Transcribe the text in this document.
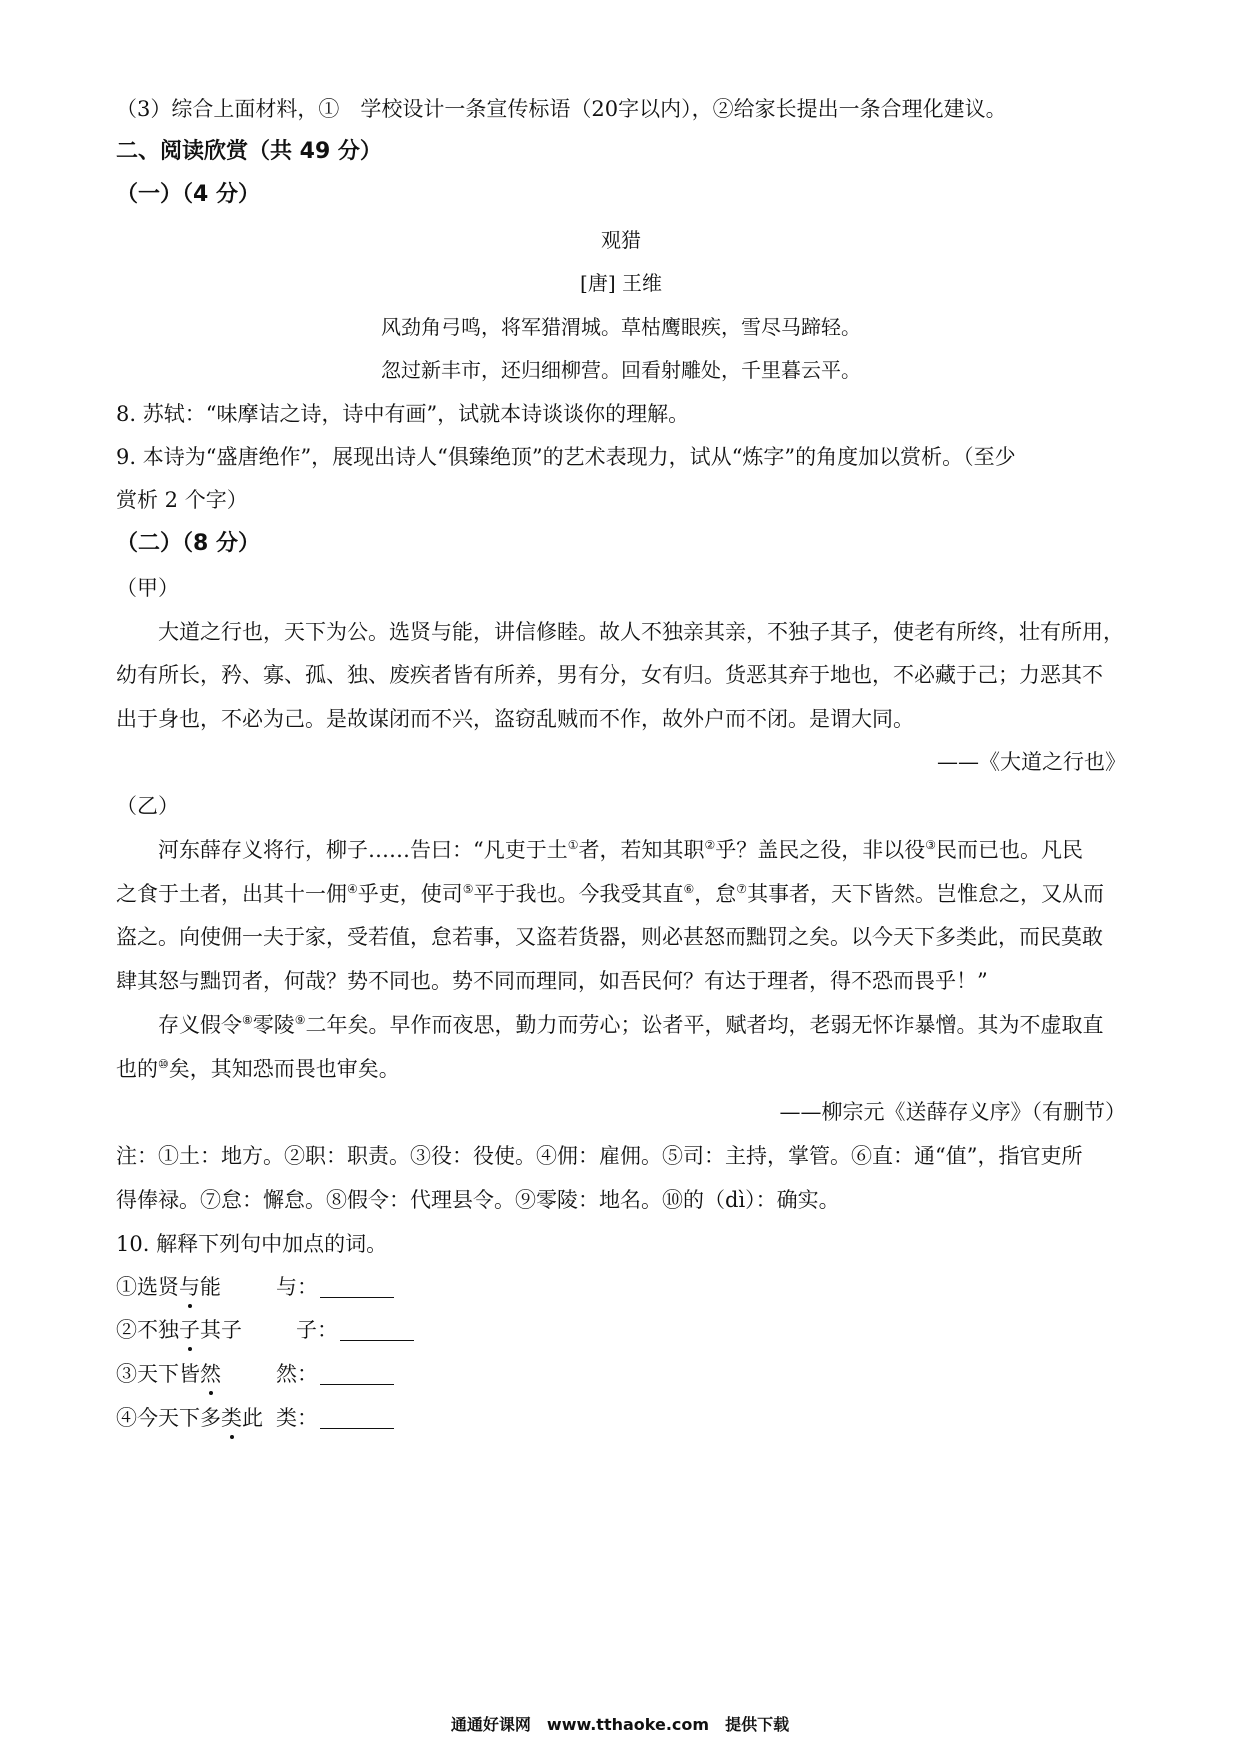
（3）综合上面材料，①　学校设计一条宣传标语（20字以内），②给家长提出一条合理化建议。
二、阅读欣赏（共 49 分）
（一）（4 分）
观猎
[唐] 王维
风劲角弓鸣，将军猎渭城。草枯鹰眼疾，雪尽马蹄轻。
忽过新丰市，还归细柳营。回看射雕处，千里暮云平。
8. 苏轼：“味摩诘之诗，诗中有画”，试就本诗谈谈你的理解。
9. 本诗为“盛唐绝作”，展现出诗人“俱臻绝顶”的艺术表现力，试从“炼字”的角度加以赏析。（至少
赏析 2 个字）
（二）（8 分）
（甲）
大道之行也，天下为公。选贤与能，讲信修睦。故人不独亲其亲，不独子其子，使老有所终，壮有所用，
幼有所长，矜、寡、孤、独、废疾者皆有所养，男有分，女有归。货恶其弃于地也，不必藏于己；力恶其不
出于身也，不必为己。是故谋闭而不兴，盗窃乱贼而不作，故外户而不闭。是谓大同。
——《大道之行也》
（乙）
河东薛存义将行，柳子……告曰：“凡吏于土①者，若知其职②乎？盖民之役，非以役③民而已也。凡民
之食于土者，出其十一佣④乎吏，使司⑤平于我也。今我受其直⑥，怠⑦其事者，天下皆然。岂惟怠之，又从而
盗之。向使佣一夫于家，受若值，怠若事，又盗若货器，则必甚怒而黜罚之矣。以今天下多类此，而民莫敢
肆其怒与黜罚者，何哉？势不同也。势不同而理同，如吾民何？有达于理者，得不恐而畏乎！”
存义假令⑧零陵⑨二年矣。早作而夜思，勤力而劳心；讼者平，赋者均，老弱无怀诈暴憎。其为不虚取直
也的⑩矣，其知恐而畏也审矣。
——柳宗元《送薛存义序》（有删节）
注：①土：地方。②职：职责。③役：役使。④佣：雇佣。⑤司：主持，掌管。⑥直：通“值”，指官吏所
得俸禄。⑦怠：懈怠。⑧假令：代理县令。⑨零陵：地名。⑩的（dì）：确实。
10. 解释下列句中加点的词。
①选贤与能	与：
②不独子其子	子：
③天下皆然	然：
④今天下多类此 类：
通通好课网　www.tthaoke.com　提供下载
